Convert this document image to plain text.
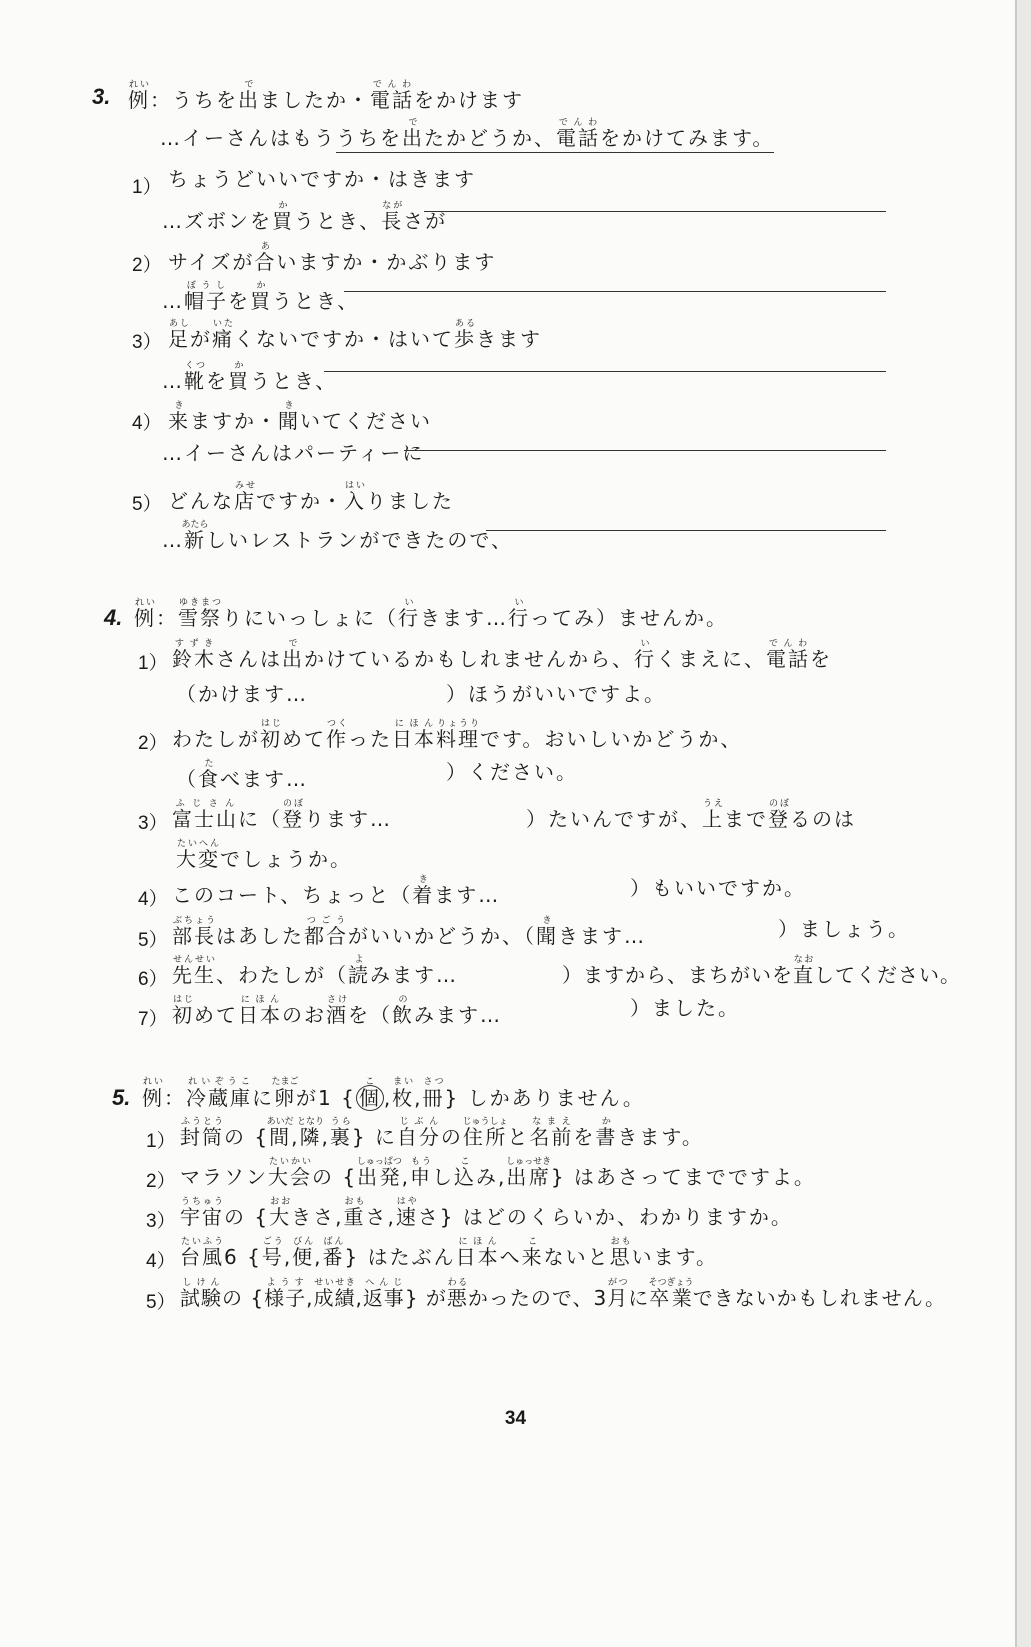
3. 例れい：うちを出でましたか・電話でんわをかけます
…イーさんはもううちを出でたかどうか、電話でんわをかけてみます。
1） ちょうどいいですか・はきます
…ズボンを買かうとき、長ながさが
2） サイズが合あいますか・かぶります
…帽子ぼうしを買かうとき、
3） 足あしが痛いたくないですか・はいて歩あるきます
…靴くつを買かうとき、
4） 来きますか・聞きいてください
…イーさんはパーティーに
5） どんな店みせですか・入はいりました
…新あたらしいレストランができたので、
4. 例れい：雪祭ゆきまつりにいっしょに（行いきます…行いってみ）ませんか。
1） 鈴木すずきさんは出でかけているかもしれませんから、行いくまえに、電話でんわを
（かけます…	）ほうがいいですよ。
2） わたしが初はじめて作つくった日本にほん料理りょうりです。おいしいかどうか、
（食たべます…	）ください。
3） 富士山ふじさんに（登のぼります…	）たいんですが、上うえまで登のぼるのは
大変たいへんでしょうか。
4） このコート、ちょっと（着きます…	）もいいですか。
5） 部長ぶちょうはあした都合つごうがいいかどうか、（聞ききます…	）ましょう。
6） 先生せんせい、わたしが（読よみます…	）ますから、まちがいを直なおしてください。
7） 初はじめて日本にほんのお酒さけを（飲のみます…	）ました。
5. 例れい：冷蔵庫れいぞうこに卵たまごが1 { 個こ,枚まい,冊さつ} しかありません。
1） 封筒ふうとうの {間あいだ,隣となり,裏うら} に自分じぶんの住所じゅうしょと名前なまえを書かきます。
2） マラソン大会たいかいの {出発しゅっぱつ,申もうし込こみ,出席しゅっせき} はあさってまでですよ。
3） 宇宙うちゅうの {大おおきさ,重おもさ,速はやさ} はどのくらいか、わかりますか。
4） 台風たいふう6 {号ごう,便びん,番ばん} はたぶん日本にほんへ来こないと思おもいます。
5） 試験しけんの {様子ようす,成績せいせき,返事へんじ} が悪わるかったので、3月がつに卒業そつぎょうできないかもしれません。
34
